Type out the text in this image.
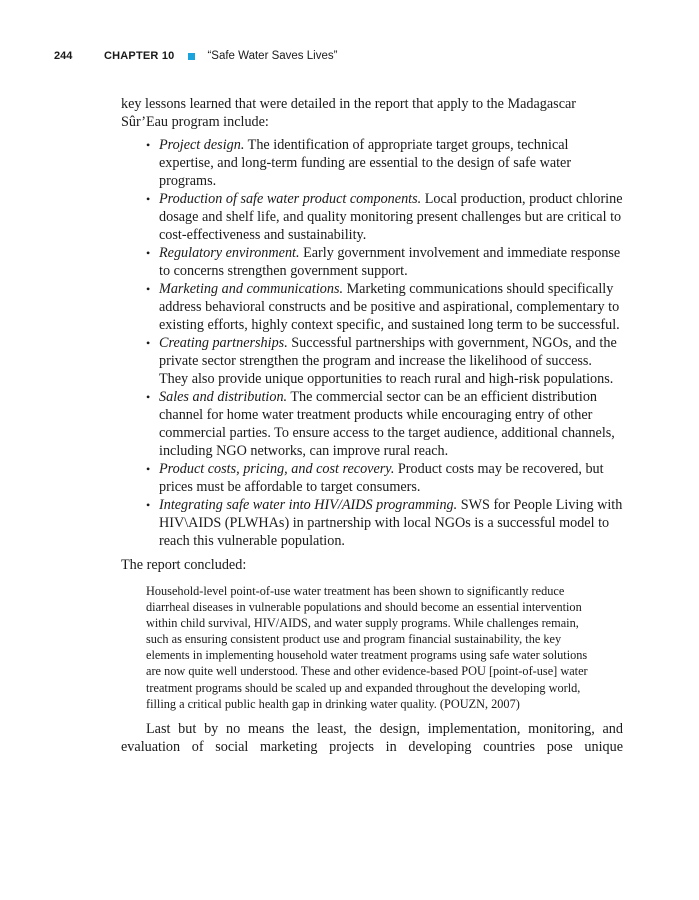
244	CHAPTER 10	“Safe Water Saves Lives”

key lessons learned that were detailed in the report that apply to the Madagascar Sûr’Eau program include:

• Project design. The identification of appropriate target groups, technical expertise, and long-term funding are essential to the design of safe water programs.
• Production of safe water product components. Local production, product chlorine dosage and shelf life, and quality monitoring present challenges but are critical to cost-effectiveness and sustainability.
• Regulatory environment. Early government involvement and immediate response to concerns strengthen government support.
• Marketing and communications. Marketing communications should specifically address behavioral constructs and be positive and aspirational, complementary to existing efforts, highly context specific, and sustained long term to be successful.
• Creating partnerships. Successful partnerships with government, NGOs, and the private sector strengthen the program and increase the likelihood of success. They also provide unique opportunities to reach rural and high-risk populations.
• Sales and distribution. The commercial sector can be an efficient distribution channel for home water treatment products while encouraging entry of other commercial parties. To ensure access to the target audience, additional channels, including NGO networks, can improve rural reach.
• Product costs, pricing, and cost recovery. Product costs may be recovered, but prices must be affordable to target consumers.
• Integrating safe water into HIV/AIDS programming. SWS for People Living with HIV\AIDS (PLWHAs) in partnership with local NGOs is a successful model to reach this vulnerable population.

The report concluded:

Household-level point-of-use water treatment has been shown to significantly reduce diarrheal diseases in vulnerable populations and should become an essential intervention within child survival, HIV/AIDS, and water supply programs. While challenges remain, such as ensuring consistent product use and program financial sustainability, the key elements in implementing household water treatment programs using safe water solutions are now quite well understood. These and other evidence-based POU [point-of-use] water treatment programs should be scaled up and expanded throughout the developing world, filling a critical public health gap in drinking water quality. (POUZN, 2007)

Last but by no means the least, the design, implementation, monitoring, and evaluation of social marketing projects in developing countries pose unique
